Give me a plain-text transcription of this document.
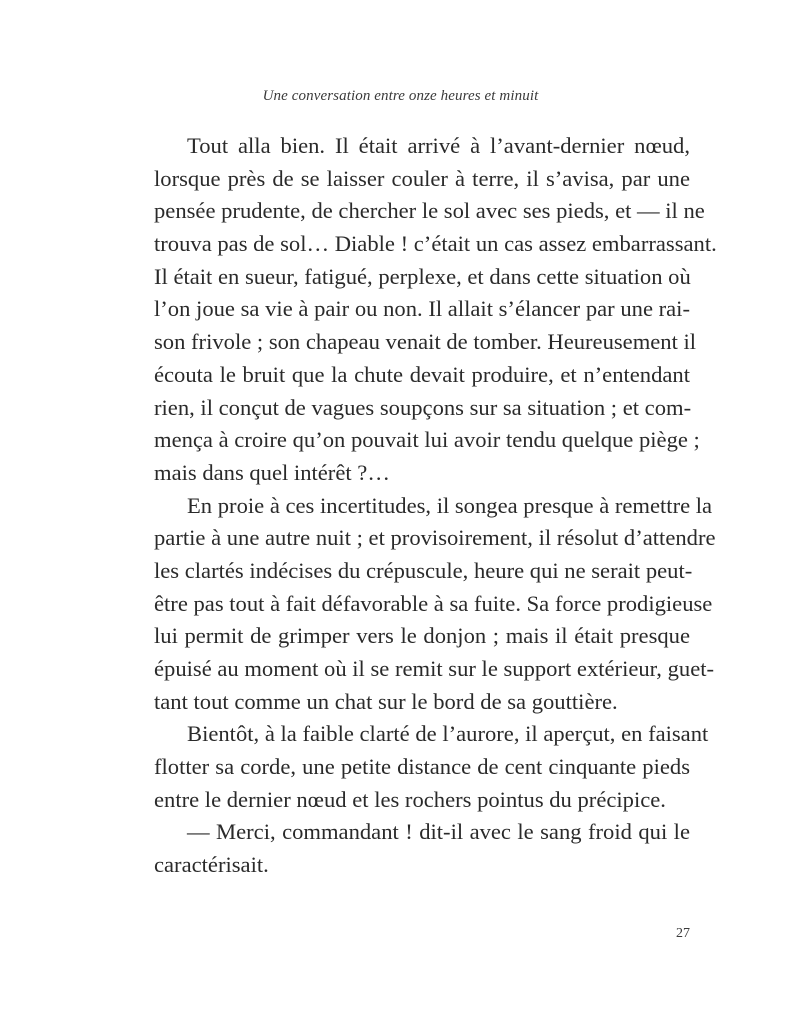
Une conversation entre onze heures et minuit
Tout alla bien. Il était arrivé à l’avant-dernier nœud,
lorsque près de se laisser couler à terre, il s’avisa, par une
pensée prudente, de chercher le sol avec ses pieds, et — il ne
trouva pas de sol… Diable ! c’était un cas assez embarrassant.
Il était en sueur, fatigué, perplexe, et dans cette situation où
l’on joue sa vie à pair ou non. Il allait s’élancer par une rai-
son frivole ; son chapeau venait de tomber. Heureusement il
écouta le bruit que la chute devait produire, et n’entendant
rien, il conçut de vagues soupçons sur sa situation ; et com-
mença à croire qu’on pouvait lui avoir tendu quelque piège ;
mais dans quel intérêt ?…
En proie à ces incertitudes, il songea presque à remettre la
partie à une autre nuit ; et provisoirement, il résolut d’attendre
les clartés indécises du crépuscule, heure qui ne serait peut-
être pas tout à fait défavorable à sa fuite. Sa force prodigieuse
lui permit de grimper vers le donjon ; mais il était presque
épuisé au moment où il se remit sur le support extérieur, guet-
tant tout comme un chat sur le bord de sa gouttière.
Bientôt, à la faible clarté de l’aurore, il aperçut, en faisant
flotter sa corde, une petite distance de cent cinquante pieds
entre le dernier nœud et les rochers pointus du précipice.
— Merci, commandant ! dit-il avec le sang froid qui le
caractérisait.
27
